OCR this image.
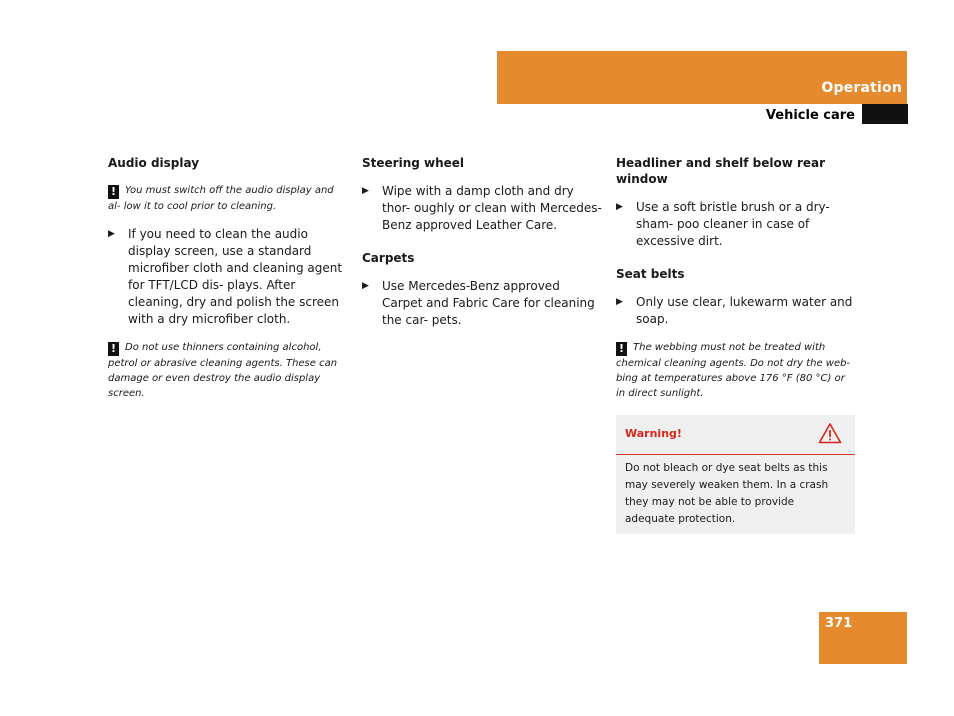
Operation
Vehicle care
Audio display

! You must switch off the audio display and al- low it to cool prior to cleaning.

▶ If you need to clean the audio display screen, use a standard microfiber cloth and cleaning agent for TFT/LCD dis- plays. After cleaning, dry and polish the screen with a dry microfiber cloth.

! Do not use thinners containing alcohol, petrol or abrasive cleaning agents. These can damage or even destroy the audio display screen.

Steering wheel

▶ Wipe with a damp cloth and dry thor- oughly or clean with Mercedes-Benz approved Leather Care.

Carpets

▶ Use Mercedes-Benz approved Carpet and Fabric Care for cleaning the car- pets.

Headliner and shelf below rear window

▶ Use a soft bristle brush or a dry-sham- poo cleaner in case of excessive dirt.

Seat belts

▶ Only use clear, lukewarm water and soap.

! The webbing must not be treated with chemical cleaning agents. Do not dry the web- bing at temperatures above 176 °F (80 °C) or in direct sunlight.

Warning!
Do not bleach or dye seat belts as this may severely weaken them. In a crash they may not be able to provide adequate protection.
371
